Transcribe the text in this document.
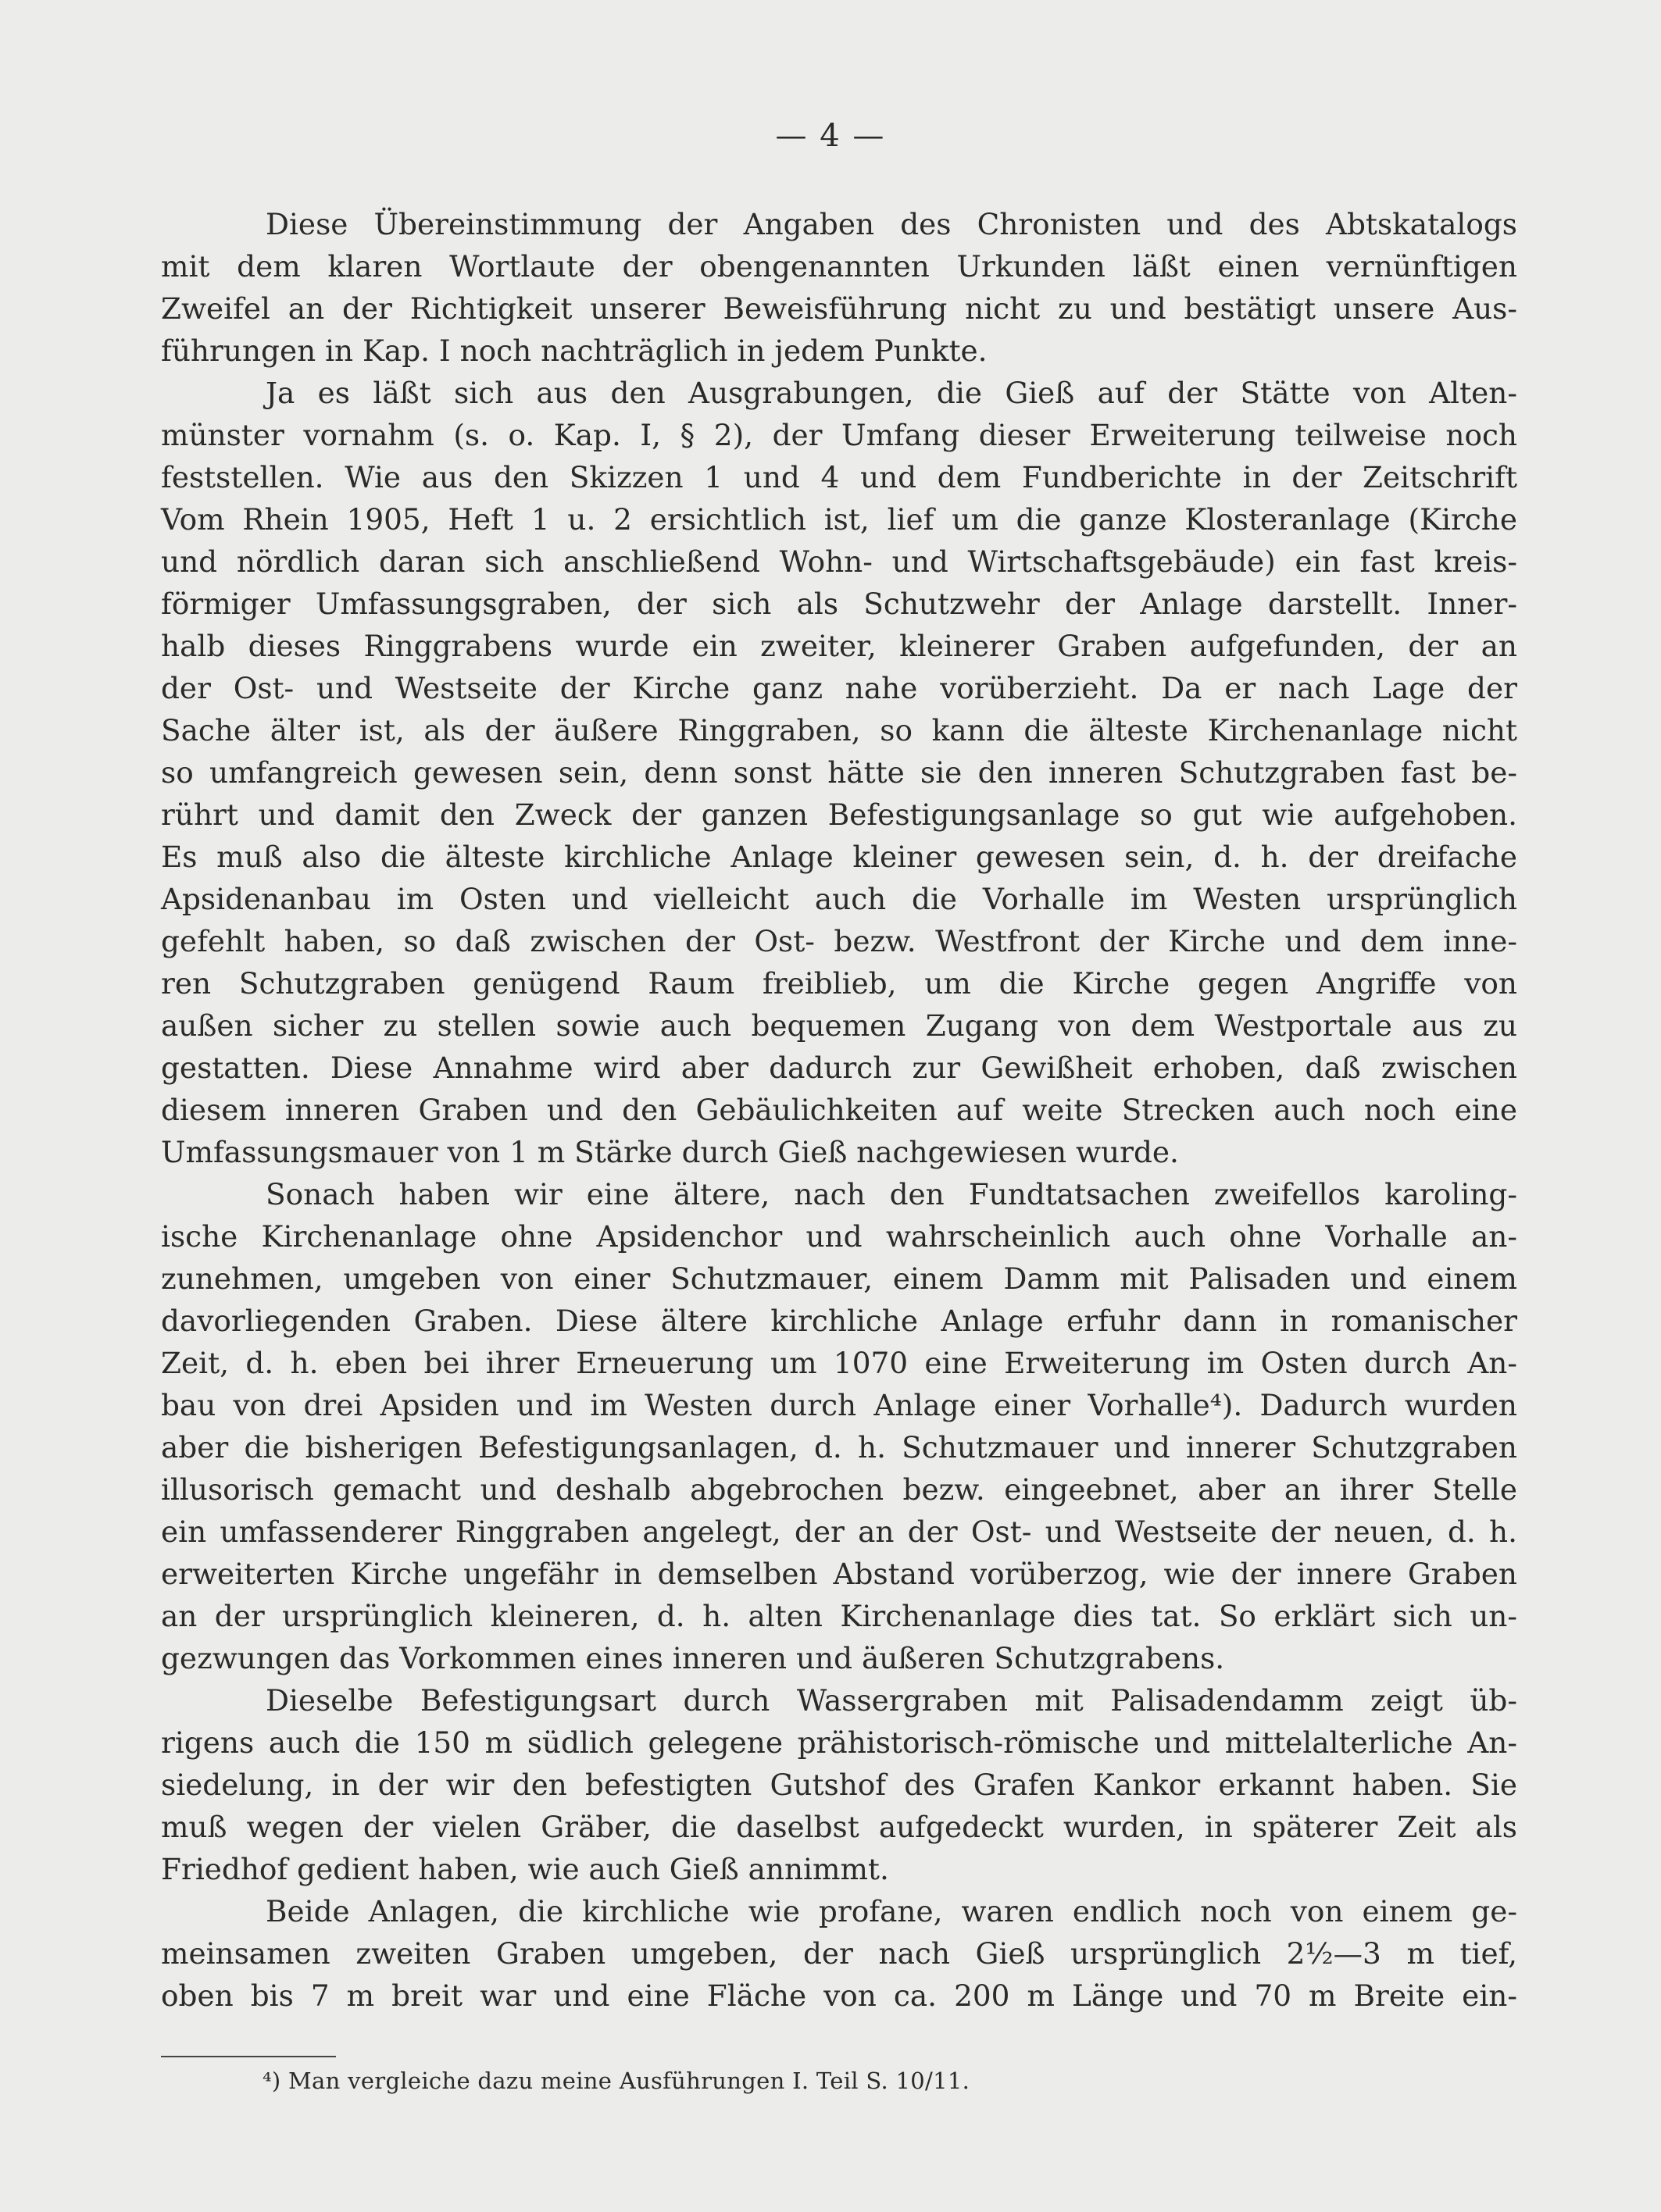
— 4 —
Diese Übereinstimmung der Angaben des Chronisten und des Abtskatalogs
mit dem klaren Wortlaute der obengenannten Urkunden läßt einen vernünftigen
Zweifel an der Richtigkeit unserer Beweisführung nicht zu und bestätigt unsere Aus-
führungen in Kap. I noch nachträglich in jedem Punkte.
Ja es läßt sich aus den Ausgrabungen, die Gieß auf der Stätte von Alten-
münster vornahm (s. o. Kap. I, § 2), der Umfang dieser Erweiterung teilweise noch
feststellen. Wie aus den Skizzen 1 und 4 und dem Fundberichte in der Zeitschrift
Vom Rhein 1905, Heft 1 u. 2 ersichtlich ist, lief um die ganze Klosteranlage (Kirche
und nördlich daran sich anschließend Wohn- und Wirtschaftsgebäude) ein fast kreis-
förmiger Umfassungsgraben, der sich als Schutzwehr der Anlage darstellt. Inner-
halb dieses Ringgrabens wurde ein zweiter, kleinerer Graben aufgefunden, der an
der Ost- und Westseite der Kirche ganz nahe vorüberzieht. Da er nach Lage der
Sache älter ist, als der äußere Ringgraben, so kann die älteste Kirchenanlage nicht
so umfangreich gewesen sein, denn sonst hätte sie den inneren Schutzgraben fast be-
rührt und damit den Zweck der ganzen Befestigungsanlage so gut wie aufgehoben.
Es muß also die älteste kirchliche Anlage kleiner gewesen sein, d. h. der dreifache
Apsidenanbau im Osten und vielleicht auch die Vorhalle im Westen ursprünglich
gefehlt haben, so daß zwischen der Ost- bezw. Westfront der Kirche und dem inne-
ren Schutzgraben genügend Raum freiblieb, um die Kirche gegen Angriffe von
außen sicher zu stellen sowie auch bequemen Zugang von dem Westportale aus zu
gestatten. Diese Annahme wird aber dadurch zur Gewißheit erhoben, daß zwischen
diesem inneren Graben und den Gebäulichkeiten auf weite Strecken auch noch eine
Umfassungsmauer von 1 m Stärke durch Gieß nachgewiesen wurde.
Sonach haben wir eine ältere, nach den Fundtatsachen zweifellos karoling-
ische Kirchenanlage ohne Apsidenchor und wahrscheinlich auch ohne Vorhalle an-
zunehmen, umgeben von einer Schutzmauer, einem Damm mit Palisaden und einem
davorliegenden Graben. Diese ältere kirchliche Anlage erfuhr dann in romanischer
Zeit, d. h. eben bei ihrer Erneuerung um 1070 eine Erweiterung im Osten durch An-
bau von drei Apsiden und im Westen durch Anlage einer Vorhalle⁴). Dadurch wurden
aber die bisherigen Befestigungsanlagen, d. h. Schutzmauer und innerer Schutzgraben
illusorisch gemacht und deshalb abgebrochen bezw. eingeebnet, aber an ihrer Stelle
ein umfassenderer Ringgraben angelegt, der an der Ost- und Westseite der neuen, d. h.
erweiterten Kirche ungefähr in demselben Abstand vorüberzog, wie der innere Graben
an der ursprünglich kleineren, d. h. alten Kirchenanlage dies tat. So erklärt sich un-
gezwungen das Vorkommen eines inneren und äußeren Schutzgrabens.
Dieselbe Befestigungsart durch Wassergraben mit Palisadendamm zeigt üb-
rigens auch die 150 m südlich gelegene prähistorisch-römische und mittelalterliche An-
siedelung, in der wir den befestigten Gutshof des Grafen Kankor erkannt haben. Sie
muß wegen der vielen Gräber, die daselbst aufgedeckt wurden, in späterer Zeit als
Friedhof gedient haben, wie auch Gieß annimmt.
Beide Anlagen, die kirchliche wie profane, waren endlich noch von einem ge-
meinsamen zweiten Graben umgeben, der nach Gieß ursprünglich 2½—3 m tief,
oben bis 7 m breit war und eine Fläche von ca. 200 m Länge und 70 m Breite ein-
⁴) Man vergleiche dazu meine Ausführungen I. Teil S. 10/11.
